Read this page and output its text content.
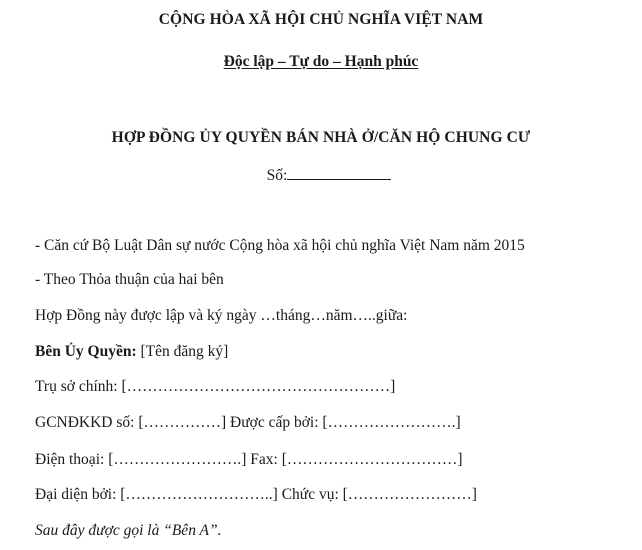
CỘNG HÒA XÃ HỘI CHỦ NGHĨA VIỆT NAM
Độc lập – Tự do – Hạnh phúc
HỢP ĐỒNG ỦY QUYỀN BÁN NHÀ Ở/CĂN HỘ CHUNG CƯ
Số:
- Căn cứ Bộ Luật Dân sự nước Cộng hòa xã hội chủ nghĩa Việt Nam năm 2015
- Theo Thỏa thuận của hai bên
Hợp Đồng này được lập và ký ngày …tháng…năm…..giữa:
Bên Ủy Quyền: [Tên đăng ký]
Trụ sở chính: [……………………………………………]
GCNĐKKD số: [……………] Được cấp bởi: […………………….]
Điện thoại: […………………….] Fax: [……………………………]
Đại diện bởi: [………………………..] Chức vụ: [……………………]
Sau đây được gọi là “Bên A”.
